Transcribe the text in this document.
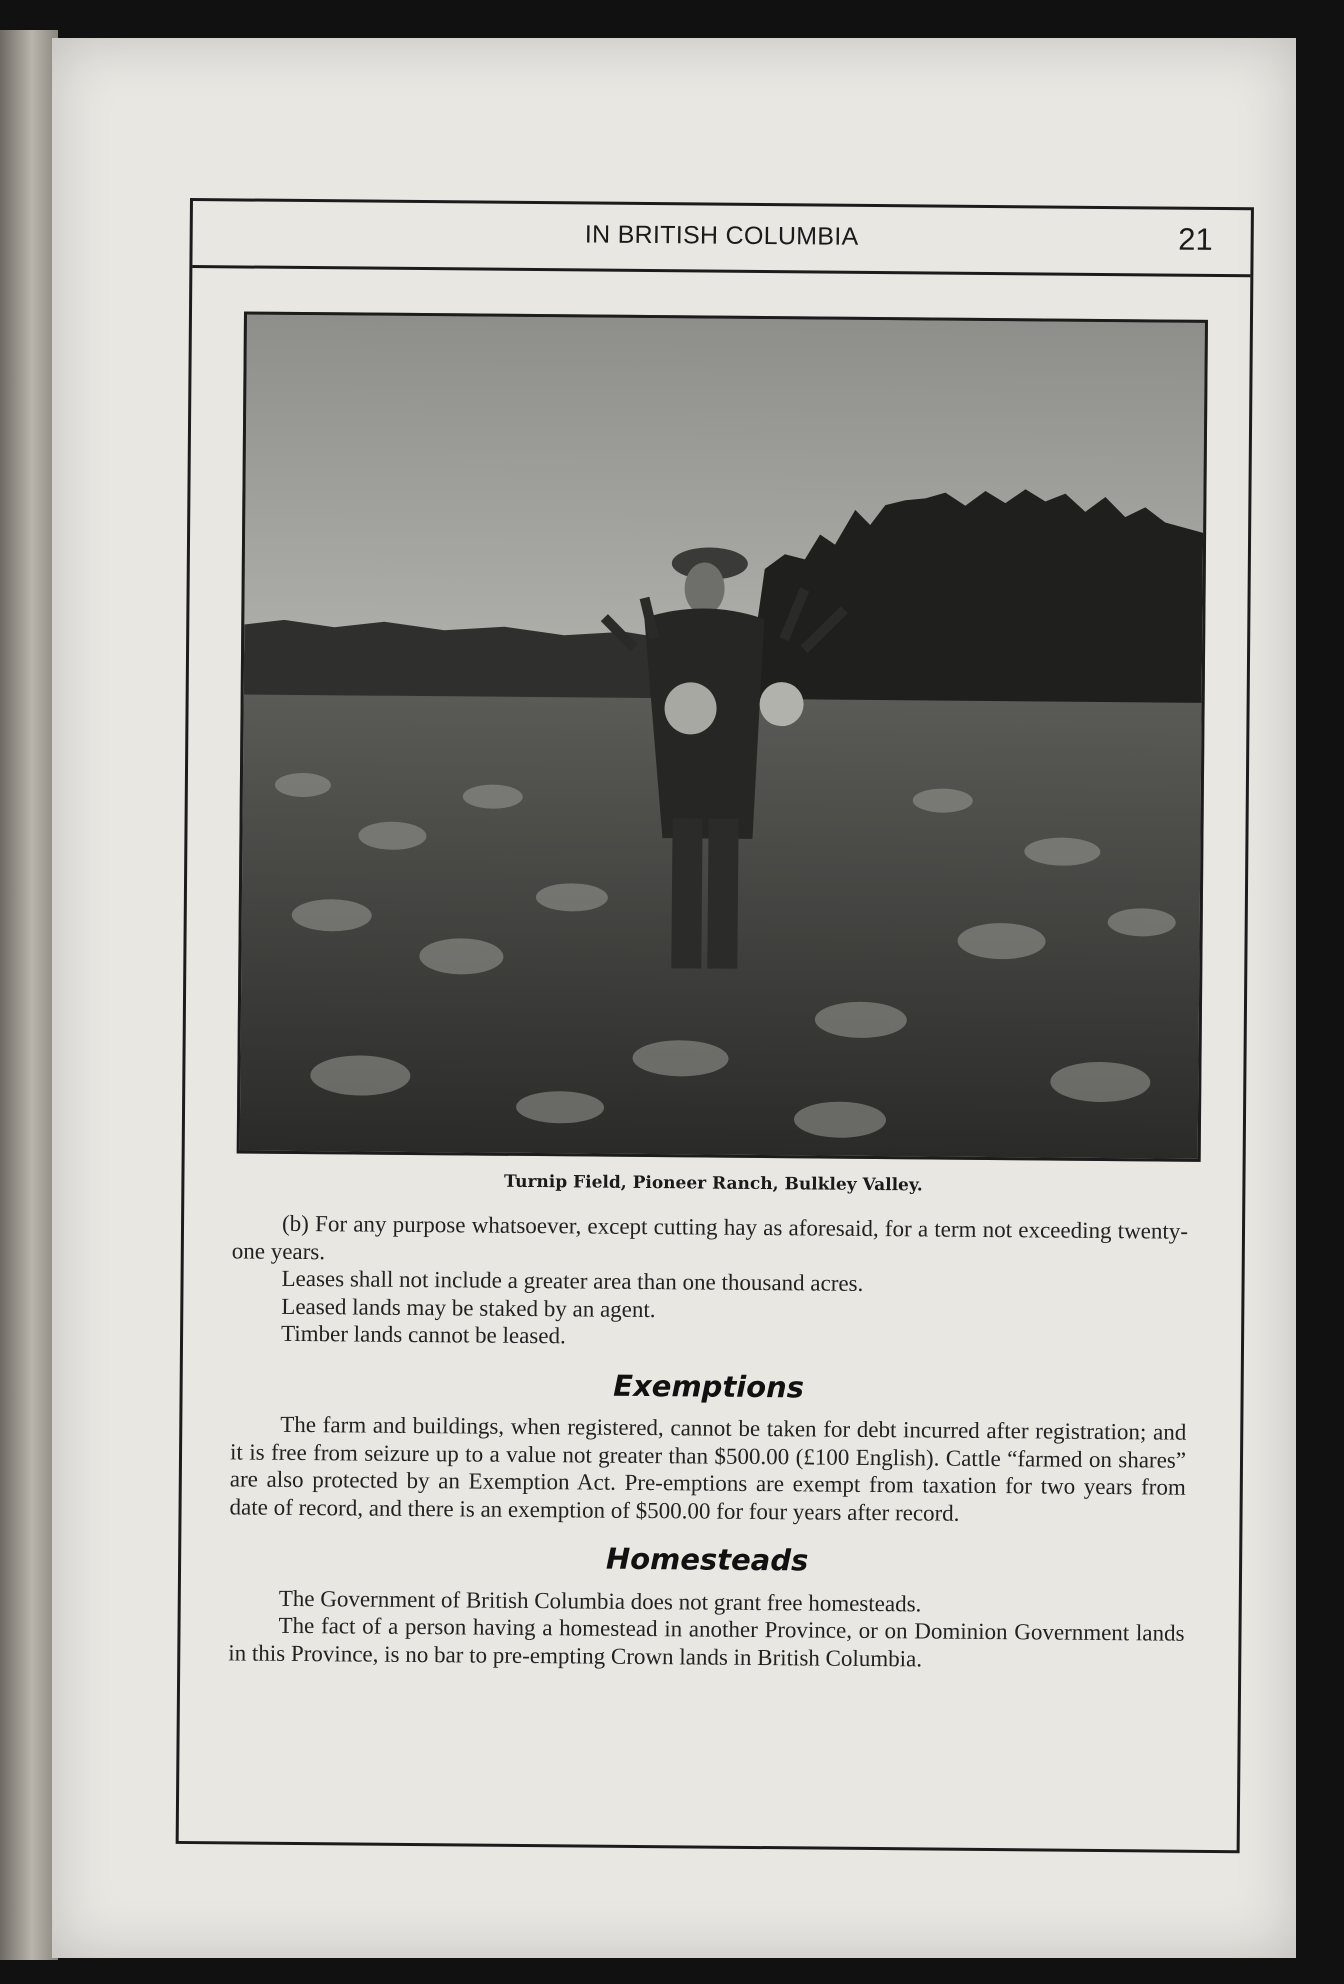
IN BRITISH COLUMBIA	21
Turnip Field, Pioneer Ranch, Bulkley Valley.

(b) For any purpose whatsoever, except cutting hay as aforesaid, for a term not exceeding twenty-one years.

Leases shall not include a greater area than one thousand acres.

Leased lands may be staked by an agent.

Timber lands cannot be leased.

Exemptions

The farm and buildings, when registered, cannot be taken for debt incurred after registration; and it is free from seizure up to a value not greater than $500.00 (£100 English). Cattle “farmed on shares” are also protected by an Exemption Act. Pre-emptions are exempt from taxation for two years from date of record, and there is an exemption of $500.00 for four years after record.

Homesteads

The Government of British Columbia does not grant free homesteads.

The fact of a person having a homestead in another Province, or on Dominion Government lands in this Province, is no bar to pre-empting Crown lands in British Columbia.
